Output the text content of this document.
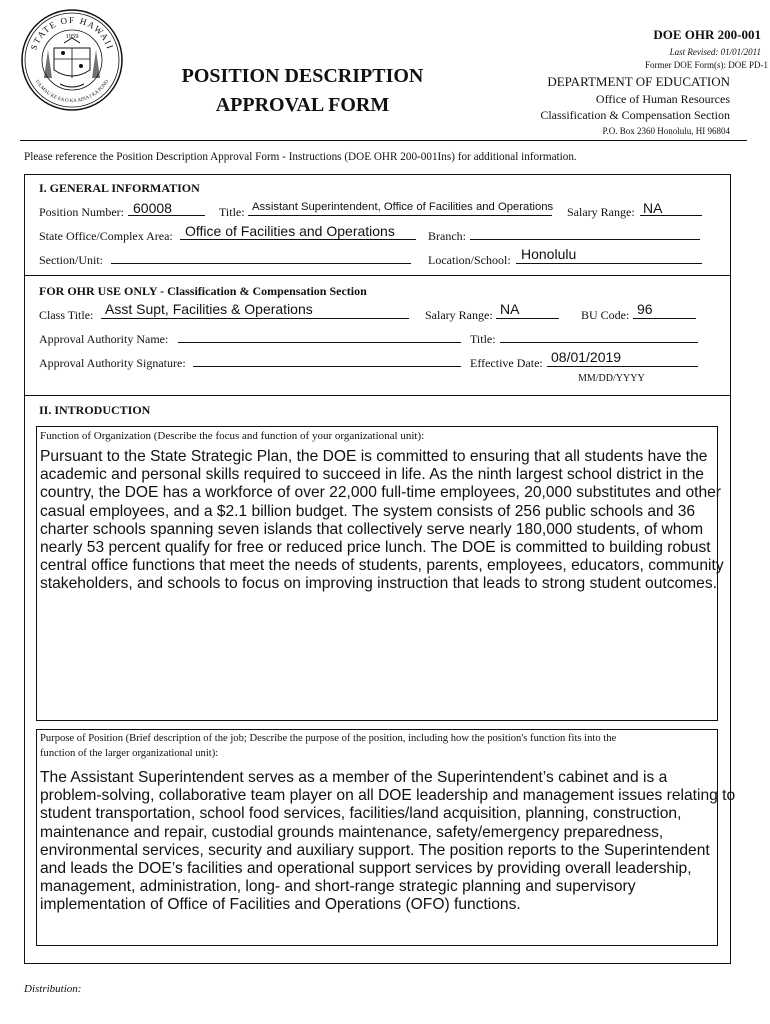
STATE OF HAWAII
UA MAU KE EA O KA AINA I KA PONO
1959
POSITION DESCRIPTION
APPROVAL FORM
DOE OHR 200-001
Last Revised: 01/01/2011
Former DOE Form(s): DOE PD-1
DEPARTMENT OF EDUCATION
Office of Human Resources
Classification & Compensation Section
P.O. Box 2360 Honolulu, HI 96804
Please reference the Position Description Approval Form - Instructions (DOE OHR 200-001Ins) for additional information.
I. GENERAL INFORMATION
Position Number: 60008	Title: Assistant Superintendent, Office of Facilities and Operations Salary Range: NA
State Office/Complex Area: Office of Facilities and Operations	Branch:
Section/Unit:	Location/School: Honolulu
FOR OHR USE ONLY - Classification & Compensation Section
Class Title: Asst Supt, Facilities & Operations	Salary Range: NA	BU Code: 96
Approval Authority Name:	Title:
Approval Authority Signature:	Effective Date: 08/01/2019
MM/DD/YYYY
II. INTRODUCTION
Function of Organization (Describe the focus and function of your organizational unit):
Pursuant to the State Strategic Plan, the DOE is committed to ensuring that all students have the
academic and personal skills required to succeed in life. As the ninth largest school district in the
country, the DOE has a workforce of over 22,000 full-time employees, 20,000 substitutes and other
casual employees, and a $2.1 billion budget. The system consists of 256 public schools and 36
charter schools spanning seven islands that collectively serve nearly 180,000 students, of whom
nearly 53 percent qualify for free or reduced price lunch. The DOE is committed to building robust
central office functions that meet the needs of students, parents, employees, educators, community
stakeholders, and schools to focus on improving instruction that leads to strong student outcomes.
Purpose of Position (Brief description of the job; Describe the purpose of the position, including how the position's function fits into the
function of the larger organizational unit):
The Assistant Superintendent serves as a member of the Superintendent’s cabinet and is a
problem-solving, collaborative team player on all DOE leadership and management issues relating to
student transportation, school food services, facilities/land acquisition, planning, construction,
maintenance and repair, custodial grounds maintenance, safety/emergency preparedness,
environmental services, security and auxiliary support. The position reports to the Superintendent
and leads the DOE’s facilities and operational support services by providing overall leadership,
management, administration, long- and short-range strategic planning and supervisory
implementation of Office of Facilities and Operations (OFO) functions.
Distribution:
